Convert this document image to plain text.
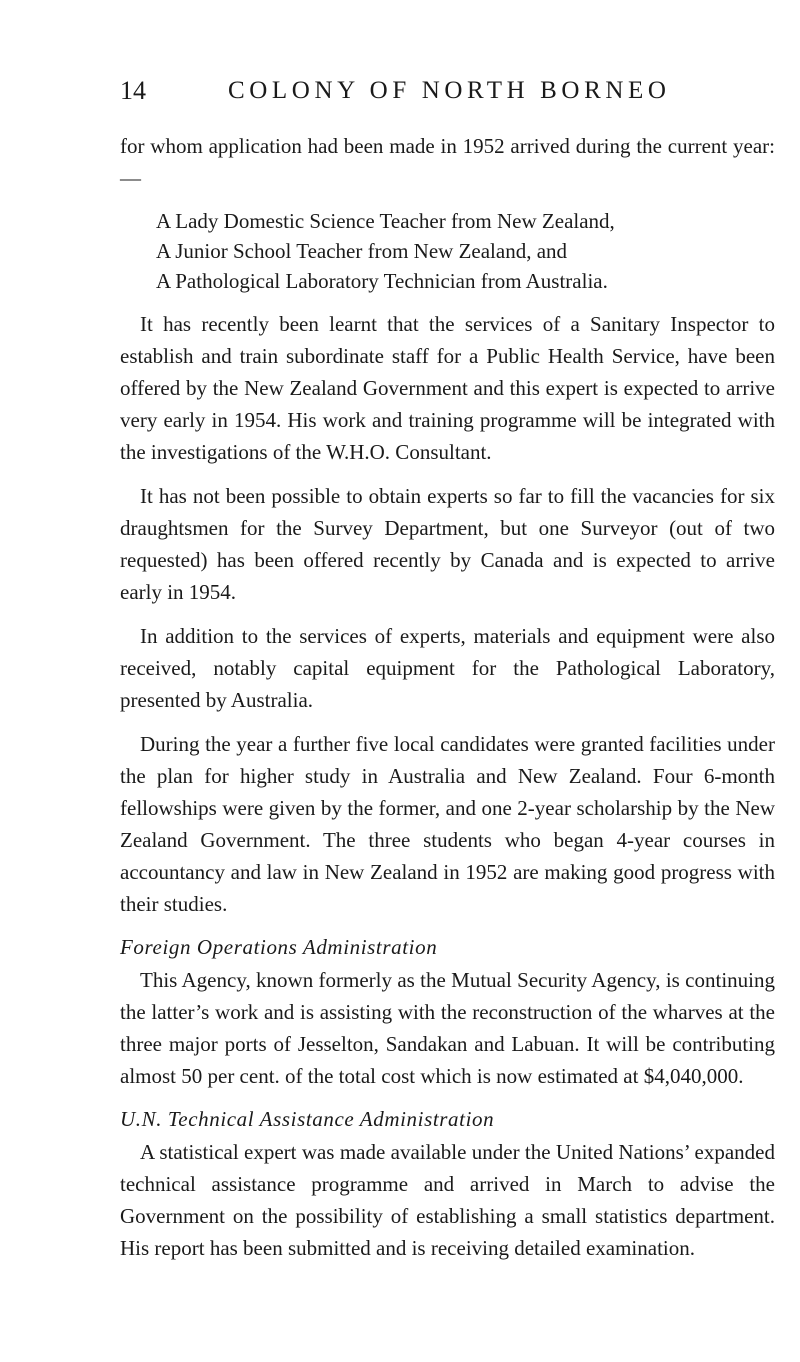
14	COLONY OF NORTH BORNEO

for whom application had been made in 1952 arrived during the current year: —

A Lady Domestic Science Teacher from New Zealand,
A Junior School Teacher from New Zealand, and
A Pathological Laboratory Technician from Australia.

It has recently been learnt that the services of a Sanitary Inspector to establish and train subordinate staff for a Public Health Service, have been offered by the New Zealand Government and this expert is expected to arrive very early in 1954. His work and training programme will be integrated with the investigations of the W.H.O. Consultant.

It has not been possible to obtain experts so far to fill the vacancies for six draughtsmen for the Survey Department, but one Surveyor (out of two requested) has been offered recently by Canada and is expected to arrive early in 1954.

In addition to the services of experts, materials and equipment were also received, notably capital equipment for the Pathological Laboratory, presented by Australia.

During the year a further five local candidates were granted facilities under the plan for higher study in Australia and New Zealand. Four 6-month fellowships were given by the former, and one 2-year scholarship by the New Zealand Government. The three students who began 4-year courses in accountancy and law in New Zealand in 1952 are making good progress with their studies.

Foreign Operations Administration

This Agency, known formerly as the Mutual Security Agency, is continuing the latter’s work and is assisting with the reconstruction of the wharves at the three major ports of Jesselton, Sandakan and Labuan. It will be contributing almost 50 per cent. of the total cost which is now estimated at $4,040,000.

U.N. Technical Assistance Administration

A statistical expert was made available under the United Nations’ expanded technical assistance programme and arrived in March to advise the Government on the possibility of establishing a small statistics department. His report has been submitted and is receiving detailed examination.
